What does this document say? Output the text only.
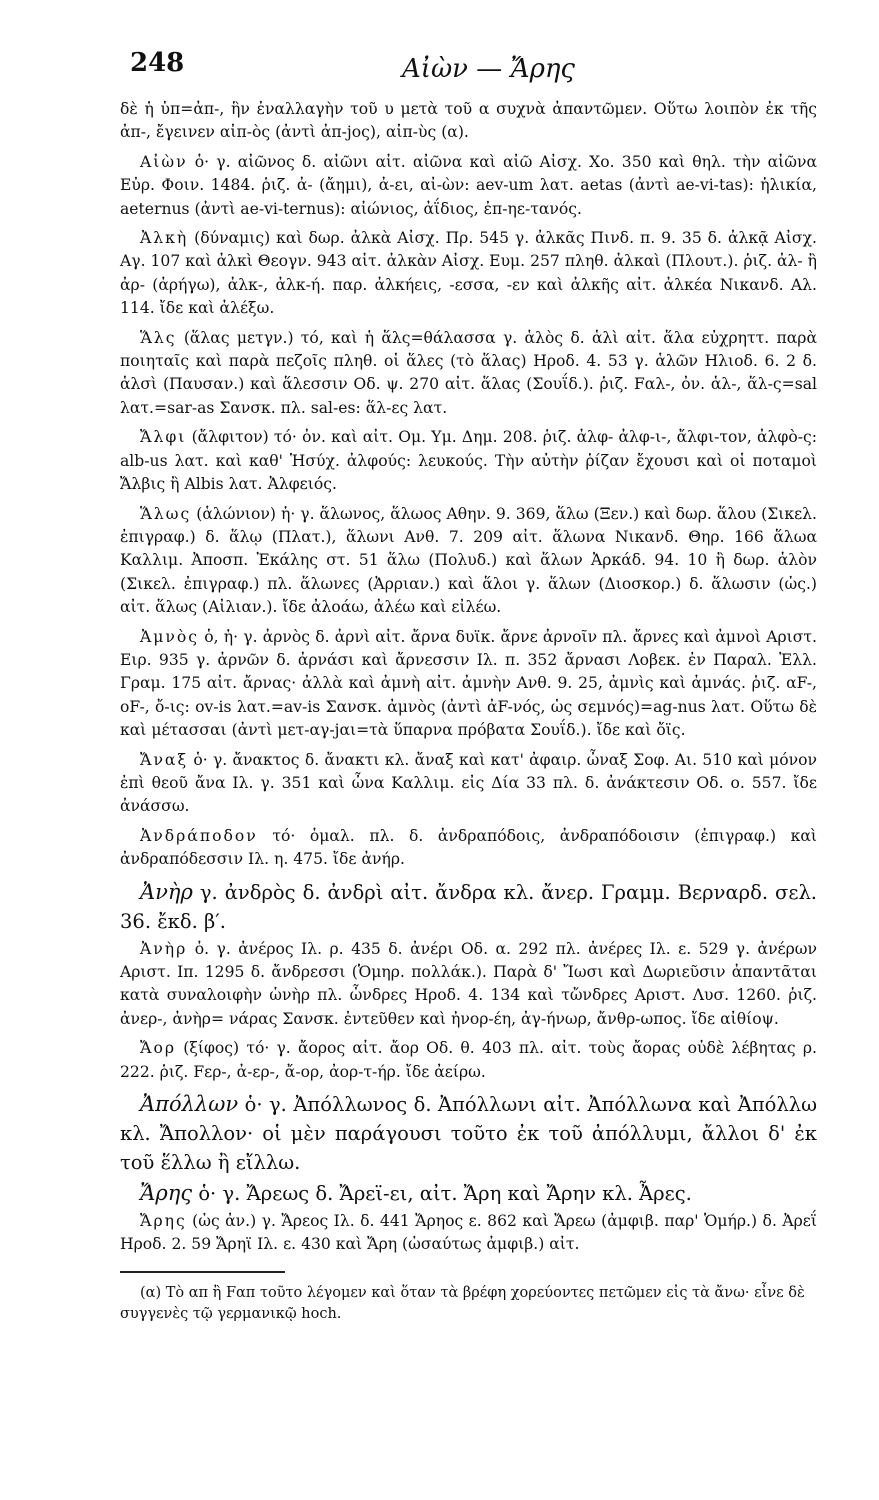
248	Αἰὼν — Ἄρης

δὲ ἡ ὑπ=ἀπ-, ἣν ἐναλλαγὴν τοῦ υ μετὰ τοῦ α συχνὰ ἀπαντῶμεν. Οὕτω λοιπὸν ἐκ τῆς ἀπ-, ἔγεινεν αἰπ-ὸς (ἀντὶ ἀπ-jος), αἰπ-ὺς (α).

Αἰὼν ὁ· γ. αἰῶνος δ. αἰῶνι αἰτ. αἰῶνα καὶ αἰῶ Αἰσχ. Χο. 350 καὶ θηλ. τὴν αἰῶνα Εὐρ. Φοιν. 1484. ῥιζ. ἀ- (ἄημι), ἀ-ει, αἰ-ὼν: aev-um λατ. aetas (ἀντὶ ae-vi-tas): ἡλικία, aeternus (ἀντὶ ae-vi-ternus): αἰώνιος, ἀΐδιος, ἐπ-ηε-τανός.

Ἀλκὴ (δύναμις) καὶ δωρ. ἀλκὰ Αἰσχ. Πρ. 545 γ. ἀλκᾶς Πινδ. π. 9. 35 δ. ἀλκᾷ Αἰσχ. Αγ. 107 καὶ ἀλκὶ Θεογν. 943 αἰτ. ἀλκὰν Αἰσχ. Ευμ. 257 πληθ. ἀλκαὶ (Πλουτ.). ῥιζ. ἀλ- ἢ ἀρ- (ἀρήγω), ἀλκ-, ἀλκ-ή. παρ. ἀλκήεις, -εσσα, -εν καὶ ἀλκῆς αἰτ. ἀλκέα Νικανδ. Αλ. 114. ἴδε καὶ ἀλέξω.

Ἅλς (ἅλας μετγν.) τό, καὶ ἡ ἅλς=θάλασσα γ. ἁλὸς δ. ἁλὶ αἰτ. ἅλα εὐχρηττ. παρὰ ποιηταῖς καὶ παρὰ πεζοῖς πληθ. οἱ ἅλες (τὸ ἅλας) Ηροδ. 4. 53 γ. ἁλῶν Ηλιοδ. 6. 2 δ. ἁλσὶ (Παυσαν.) καὶ ἅλεσσιν Οδ. ψ. 270 αἰτ. ἅλας (Σουΐδ.). ῥιζ. Fαλ-, ὀν. ἁλ-, ἅλ-ς=sal λατ.=sar-as Σανσκ. πλ. sal-es: ἅλ-ες λατ.

Ἄλφι (ἄλφιτον) τό· ὀν. καὶ αἰτ. Ομ. Υμ. Δημ. 208. ῥιζ. ἀλφ- ἀλφ-ι-, ἄλφι-τον, ἀλφὸ-ς: alb-us λατ. καὶ καθ' Ἡσύχ. ἀλφούς: λευκούς. Τὴν αὐτὴν ῥίζαν ἔχουσι καὶ οἱ ποταμοὶ Ἄλβις ἢ Albis λατ. Ἀλφειός.

Ἅλως (ἁλώνιον) ἡ· γ. ἅλωνος, ἅλωος Αθην. 9. 369, ἅλω (Ξεν.) καὶ δωρ. ἅλου (Σικελ. ἐπιγραφ.) δ. ἅλῳ (Πλατ.), ἅλωνι Ανθ. 7. 209 αἰτ. ἅλωνα Νικανδ. Θηρ. 166 ἅλωα Καλλιμ. Ἀποσπ. Ἐκάλης στ. 51 ἅλω (Πολυδ.) καὶ ἅλων Ἀρκάδ. 94. 10 ἢ δωρ. ἁλὸν (Σικελ. ἐπιγραφ.) πλ. ἅλωνες (Ἀρριαν.) καὶ ἅλοι γ. ἅλων (Διοσκορ.) δ. ἅλωσιν (ὡς.) αἰτ. ἅλως (Αἰλιαν.). ἴδε ἀλοάω, ἀλέω καὶ εἰλέω.

Ἀμνὸς ὁ, ἡ· γ. ἀρνὸς δ. ἀρνὶ αἰτ. ἄρνα δυϊκ. ἄρνε ἀρνοῖν πλ. ἄρνες καὶ ἀμνοὶ Αριστ. Ειρ. 935 γ. ἀρνῶν δ. ἀρνάσι καὶ ἄρνεσσιν Ιλ. π. 352 ἄρνασι Λοβεκ. ἐν Παραλ. Ἑλλ. Γραμ. 175 αἰτ. ἄρνας· ἀλλὰ καὶ ἀμνὴ αἰτ. ἀμνὴν Ανθ. 9. 25, ἀμνὶς καὶ ἀμνάς. ῥιζ. αF-, οF-, ὄ-ις: ov-is λατ.=av-is Σανσκ. ἀμνὸς (ἀντὶ ἀF-νός, ὡς σεμνός)=ag-nus λατ. Οὕτω δὲ καὶ μέτασσαι (ἀντὶ μετ-αγ-jαι=τὰ ὕπαρνα πρόβατα Σουΐδ.). ἴδε καὶ ὄϊς.

Ἄναξ ὁ· γ. ἄνακτος δ. ἄνακτι κλ. ἄναξ καὶ κατ' ἀφαιρ. ὦναξ Σοφ. Αι. 510 καὶ μόνον ἐπὶ θεοῦ ἄνα Ιλ. γ. 351 καὶ ὦνα Καλλιμ. εἰς Δία 33 πλ. δ. ἀνάκτεσιν Οδ. ο. 557. ἴδε ἀνάσσω.

Ἀνδράποδον τό· ὁμαλ. πλ. δ. ἀνδραπόδοις, ἀνδραπόδοισιν (ἐπιγραφ.) καὶ ἀνδραπόδεσσιν Ιλ. η. 475. ἴδε ἀνήρ.

Ἀνὴρ γ. ἀνδρὸς δ. ἀνδρὶ αἰτ. ἄνδρα κλ. ἄνερ. Γραμμ. Βερναρδ. σελ. 36. ἔκδ. β′.

Ἀνὴρ ὁ. γ. ἀνέρος Ιλ. ρ. 435 δ. ἀνέρι Οδ. α. 292 πλ. ἀνέρες Ιλ. ε. 529 γ. ἀνέρων Αριστ. Ιπ. 1295 δ. ἄνδρεσσι (Ὁμηρ. πολλάκ.). Παρὰ δ' Ἴωσι καὶ Δωριεῦσιν ἀπαντᾶται κατὰ συναλοιφὴν ὡνὴρ πλ. ὧνδρες Ηροδ. 4. 134 καὶ τὤνδρες Αριστ. Λυσ. 1260. ῥιζ. ἀνερ-, ἀνὴρ= νάρας Σανσκ. ἐντεῦθεν καὶ ἠνορ-έη, ἀγ-ήνωρ, ἄνθρ-ωπος. ἴδε αἰθίοψ.

Ἄορ (ξίφος) τό· γ. ἄορος αἰτ. ἄορ Οδ. θ. 403 πλ. αἰτ. τοὺς ἄορας οὐδὲ λέβητας ρ. 222. ῥιζ. Fερ-, ἀ-ερ-, ἄ-ορ, ἀορ-τ-ήρ. ἴδε ἀείρω.

Ἀπόλλων ὁ· γ. Ἀπόλλωνος δ. Ἀπόλλωνι αἰτ. Ἀπόλλωνα καὶ Ἀπόλλω κλ. Ἄπολλον· οἱ μὲν παράγουσι τοῦτο ἐκ τοῦ ἀπόλλυμι, ἄλλοι δ' ἐκ τοῦ ἕλλω ἢ εἴλλω.

Ἄρης ὁ· γ. Ἄρεως δ. Ἄρεϊ-ει, αἰτ. Ἄρη καὶ Ἄρην κλ. Ἆρες.

Ἄρης (ὡς ἀν.) γ. Ἄρεος Ιλ. δ. 441 Ἄρηος ε. 862 καὶ Ἄρεω (ἀμφιβ. παρ' Ὁμήρ.) δ. Ἀρεΐ Ηροδ. 2. 59 Ἄρηϊ Ιλ. ε. 430 καὶ Ἄρη (ὡσαύτως ἀμφιβ.) αἰτ.

(α) Τὸ απ ἢ Fαπ τοῦτο λέγομεν καὶ ὅταν τὰ βρέφη χορεύοντες πετῶμεν εἰς τὰ ἄνω· εἶνε δὲ συγγενὲς τῷ γερμανικῷ hoch.
